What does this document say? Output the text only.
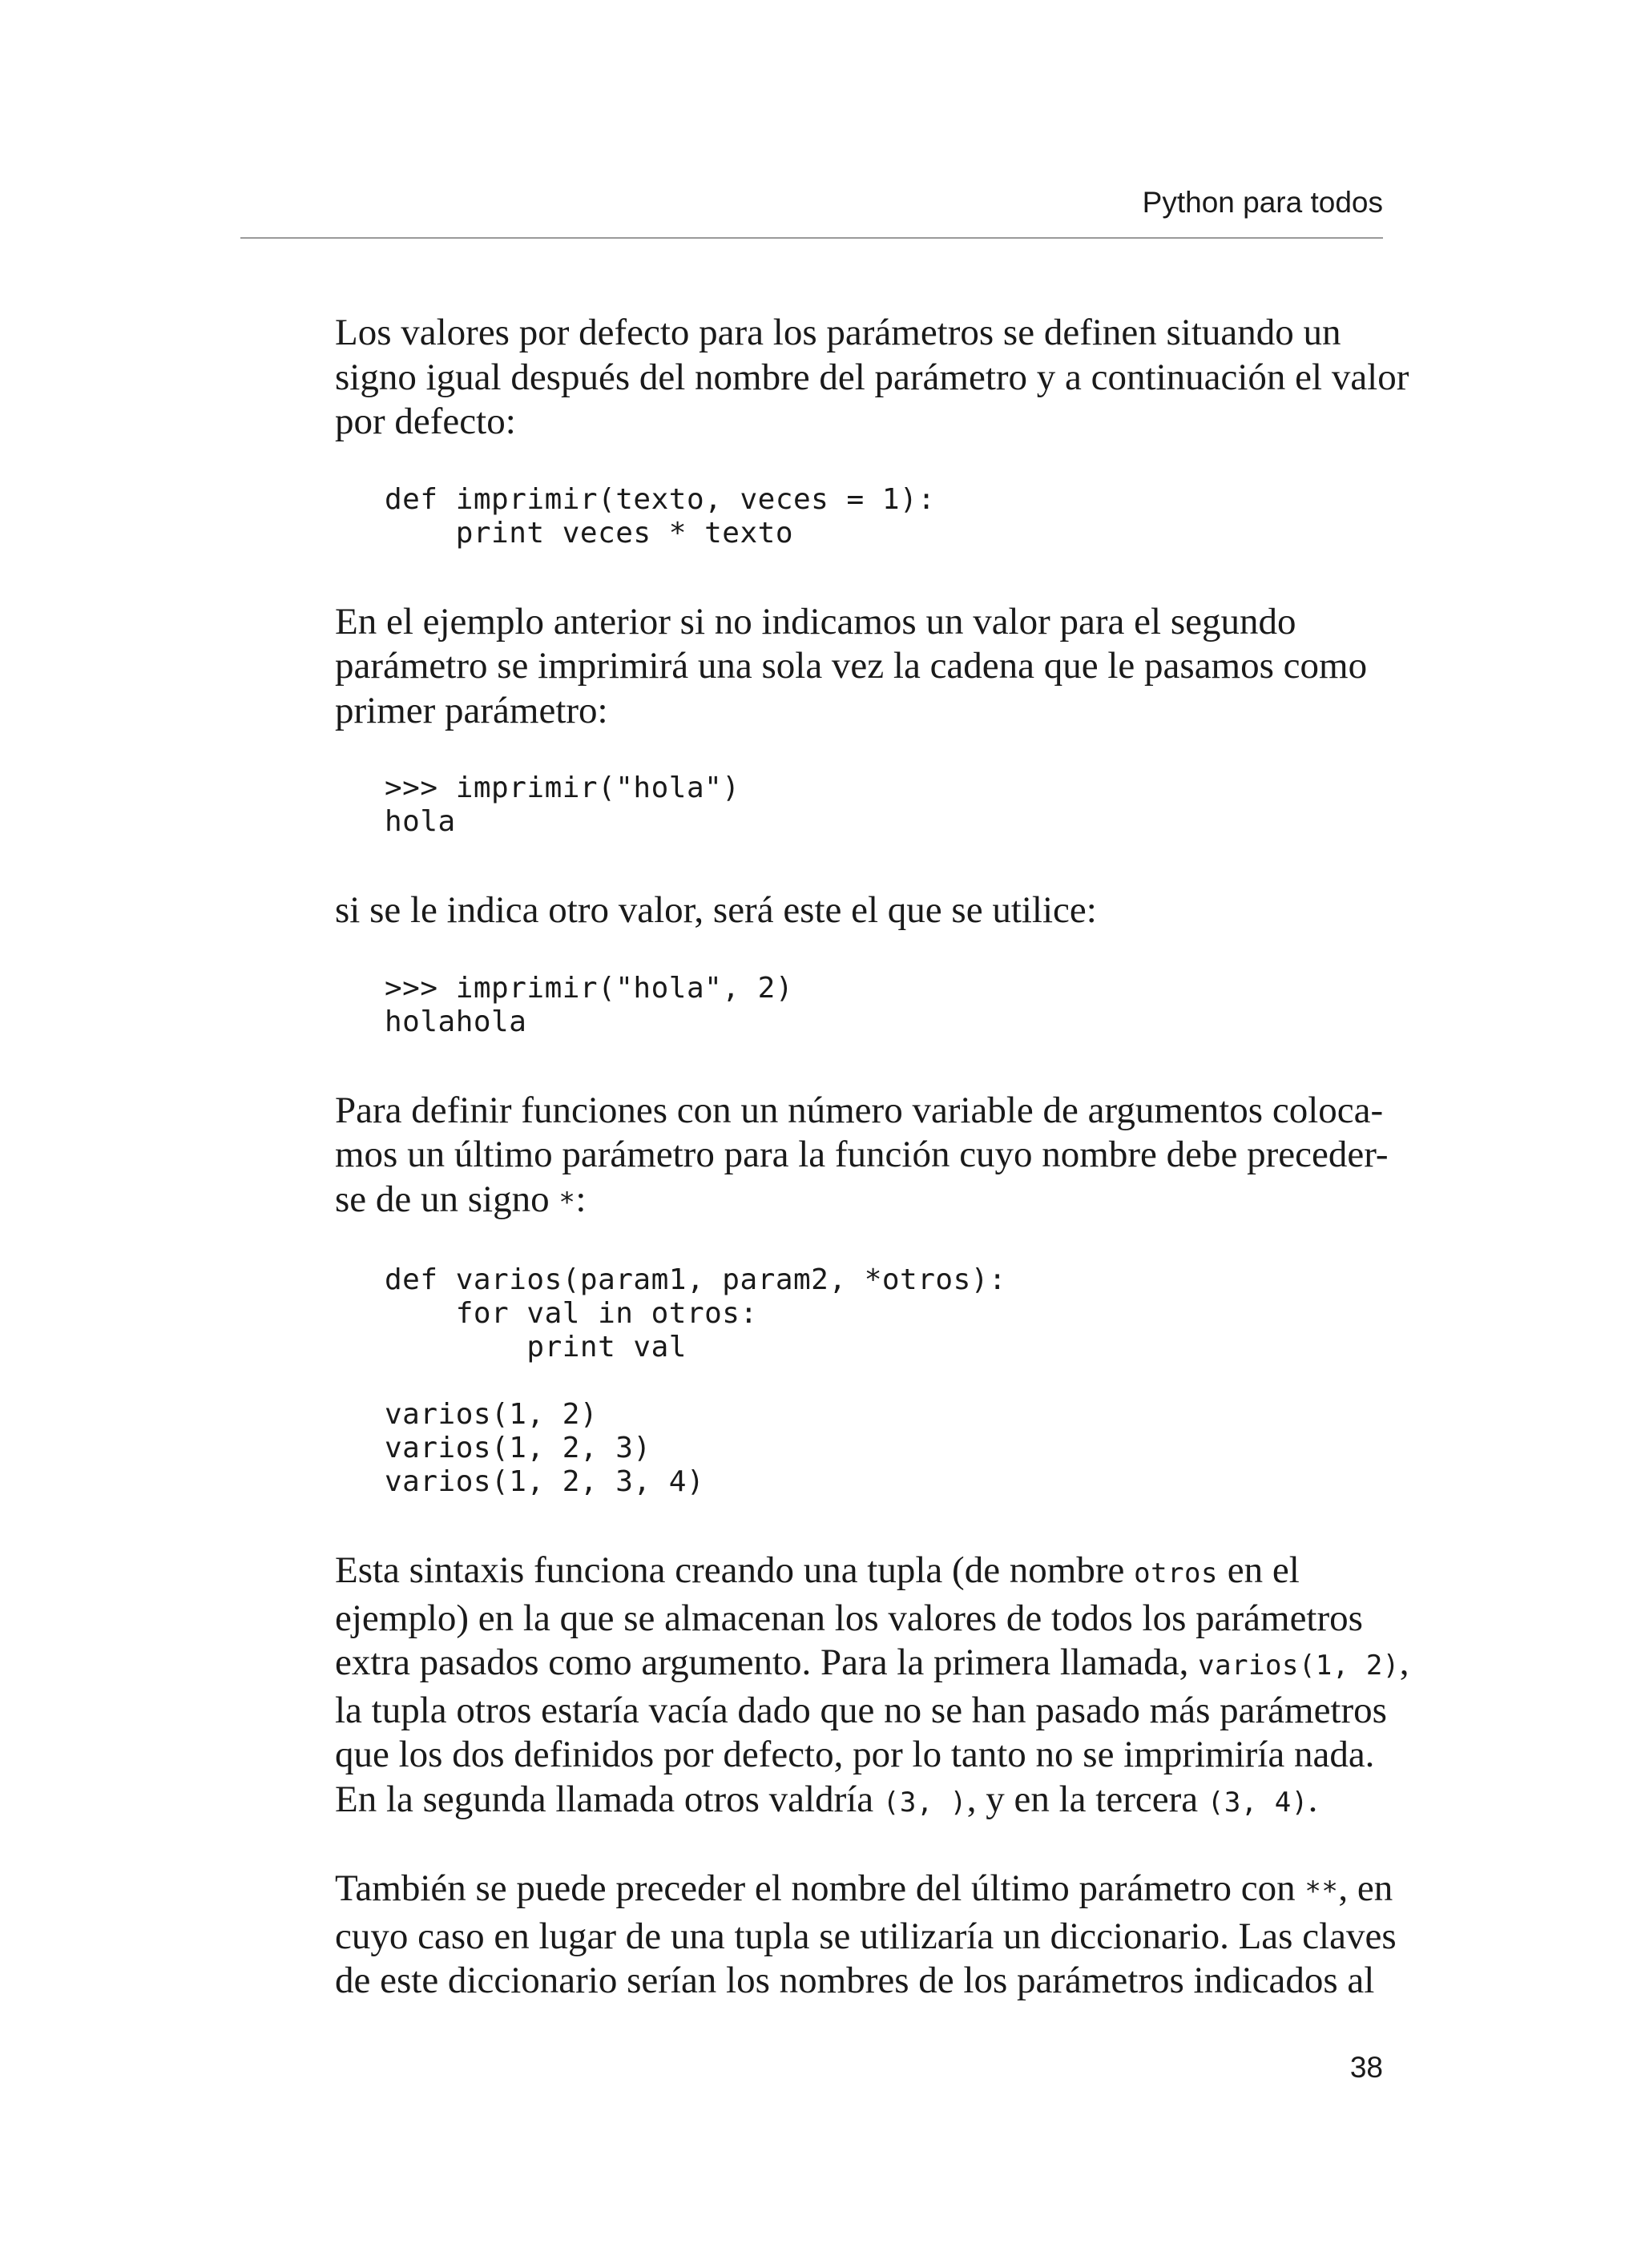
Python para todos

Los valores por defecto para los parámetros se definen situando un
signo igual después del nombre del parámetro y a continuación el valor
por defecto:

def imprimir(texto, veces = 1):
print veces * texto

En el ejemplo anterior si no indicamos un valor para el segundo
parámetro se imprimirá una sola vez la cadena que le pasamos como
primer parámetro:

>>> imprimir("hola")
hola

si se le indica otro valor, será este el que se utilice:

>>> imprimir("hola", 2)
holahola

Para definir funciones con un número variable de argumentos coloca-
mos un último parámetro para la función cuyo nombre debe preceder-
se de un signo *:

def varios(param1, param2, *otros):
for val in otros:
print val
varios(1, 2)
varios(1, 2, 3)
varios(1, 2, 3, 4)

Esta sintaxis funciona creando una tupla (de nombre otros en el
ejemplo) en la que se almacenan los valores de todos los parámetros
extra pasados como argumento. Para la primera llamada, varios(1, 2),
la tupla otros estaría vacía dado que no se han pasado más parámetros
que los dos definidos por defecto, por lo tanto no se imprimiría nada.
En la segunda llamada otros valdría (3, ), y en la tercera (3, 4).

También se puede preceder el nombre del último parámetro con **, en
cuyo caso en lugar de una tupla se utilizaría un diccionario. Las claves
de este diccionario serían los nombres de los parámetros indicados al

38
